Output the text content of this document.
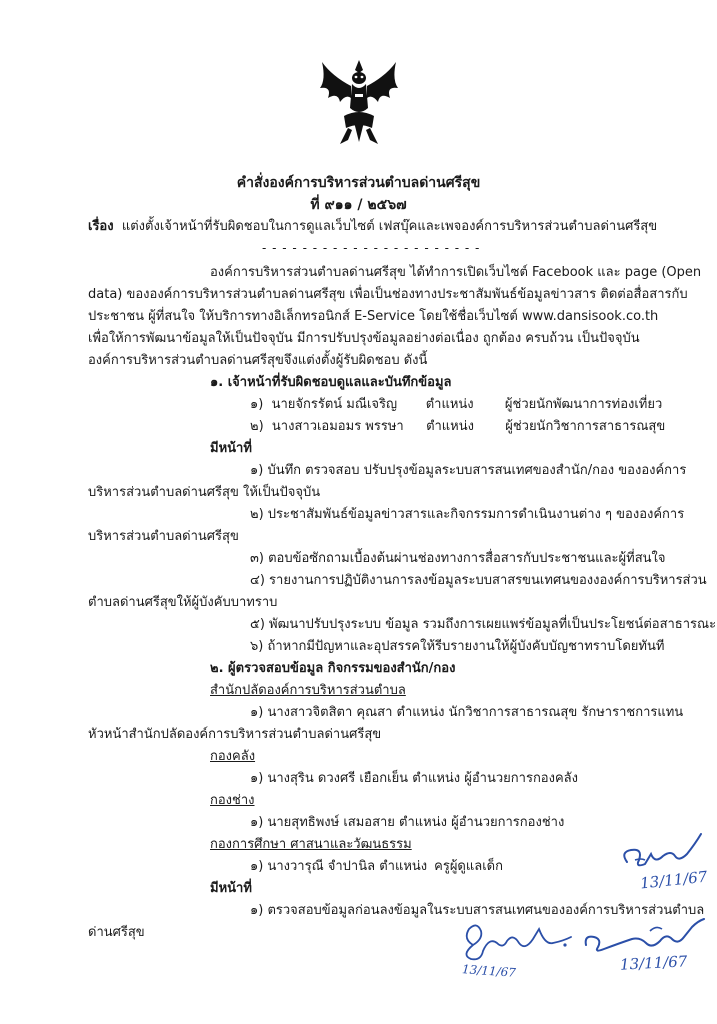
คำสั่งองค์การบริหารส่วนตำบลด่านศรีสุข
ที่ ๙๑๑ / ๒๕๖๗
เรื่อง แต่งตั้งเจ้าหน้าที่รับผิดชอบในการดูแลเว็บไซต์ เฟสบุ๊คและเพจองค์การบริหารส่วนตำบลด่านศรีสุข
- - - - - - - - - - - - - - - - - - - - - -
องค์การบริหารส่วนตำบลด่านศรีสุข ได้ทำการเปิดเว็บไซต์ Facebook และ page (Open
data) ขององค์การบริหารส่วนตำบลด่านศรีสุข เพื่อเป็นช่องทางประชาสัมพันธ์ข้อมูลข่าวสาร ติดต่อสื่อสารกับ
ประชาชน ผู้ที่สนใจ ให้บริการทางอิเล็กทรอนิกส์ E-Service โดยใช้ชื่อเว็บไซต์ www.dansisook.co.th
เพื่อให้การพัฒนาข้อมูลให้เป็นปัจจุบัน มีการปรับปรุงข้อมูลอย่างต่อเนื่อง ถูกต้อง ครบถ้วน เป็นปัจจุบัน
องค์การบริหารส่วนตำบลด่านศรีสุขจึงแต่งตั้งผู้รับผิดชอบ ดังนี้
๑. เจ้าหน้าที่รับผิดชอบดูแลและบันทึกข้อมูล
๑) นายจักรรัตน์ มณีเจริญ ตำแหน่ง ผู้ช่วยนักพัฒนาการท่องเที่ยว
๒) นางสาวเอมอมร พรรษา ตำแหน่ง ผู้ช่วยนักวิชาการสาธารณสุข
มีหน้าที่
๑) บันทึก ตรวจสอบ ปรับปรุงข้อมูลระบบสารสนเทศของสำนัก/กอง ขององค์การ
บริหารส่วนตำบลด่านศรีสุข ให้เป็นปัจจุบัน
๒) ประชาสัมพันธ์ข้อมูลข่าวสารและกิจกรรมการดำเนินงานต่าง ๆ ขององค์การ
บริหารส่วนตำบลด่านศรีสุข
๓) ตอบข้อซักถามเบื้องต้นผ่านช่องทางการสื่อสารกับประชาชนและผู้ที่สนใจ
๔) รายงานการปฏิบัติงานการลงข้อมูลระบบสาสรขนเทศนของงองค์การบริหารส่วน
ตำบลด่านศรีสุขให้ผู้บังคับบาทราบ
๕) พัฒนาปรับปรุงระบบ ข้อมูล รวมถึงการเผยแพร่ข้อมูลที่เป็นประโยชน์ต่อสาธารณะ
๖) ถ้าหากมีปัญหาและอุปสรรคให้รีบรายงานให้ผู้บังคับบัญชาทราบโดยทันที
๒. ผู้ตรวจสอบข้อมูล กิจกรรมของสำนัก/กอง
สำนักปลัดองค์การบริหารส่วนตำบล
๑) นางสาวจิตสิตา คุณสา ตำแหน่ง นักวิชาการสาธารณสุข รักษาราชการแทน
หัวหน้าสำนักปลัดองค์การบริหารส่วนตำบลด่านศรีสุข
กองคลัง
๑) นางสุริน ดวงศรี เยือกเย็น ตำแหน่ง ผู้อำนวยการกองคลัง
กองช่าง
๑) นายสุทธิพงษ์ เสมอสาย ตำแหน่ง ผู้อำนวยการกองช่าง
กองการศึกษา ศาสนาและวัฒนธรรม
๑) นางวารุณี จำปานิล ตำแหน่ง ครูผู้ดูแลเด็ก
มีหน้าที่
๑) ตรวจสอบข้อมูลก่อนลงข้อมูลในระบบสารสนเทศนขององค์การบริหารส่วนตำบล
ด่านศรีสุข
13/11/67
13/11/67	13/11/67
